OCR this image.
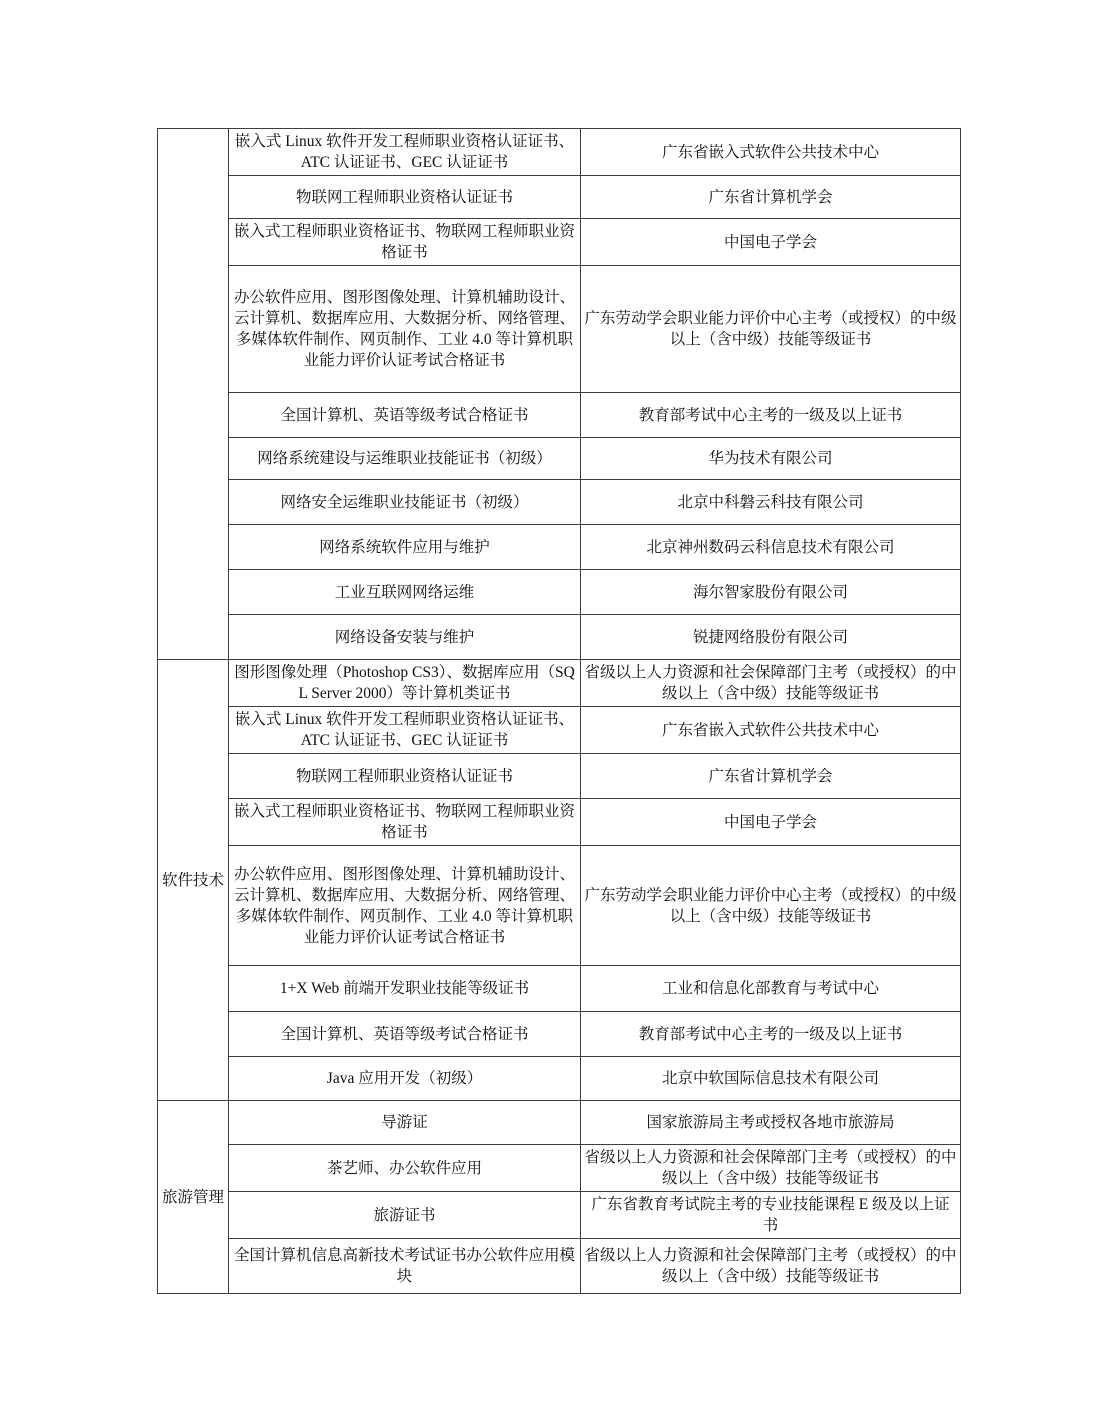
	嵌入式 Linux 软件开发工程师职业资格认证证书、ATC 认证证书、GEC 认证证书	广东省嵌入式软件公共技术中心
	物联网工程师职业资格认证证书	广东省计算机学会
	嵌入式工程师职业资格证书、物联网工程师职业资格证书	中国电子学会
	办公软件应用、图形图像处理、计算机辅助设计、云计算机、数据库应用、大数据分析、网络管理、多媒体软件制作、网页制作、工业 4.0 等计算机职业能力评价认证考试合格证书	广东劳动学会职业能力评价中心主考（或授权）的中级以上（含中级）技能等级证书
	全国计算机、英语等级考试合格证书	教育部考试中心主考的一级及以上证书
	网络系统建设与运维职业技能证书（初级）	华为技术有限公司
	网络安全运维职业技能证书（初级）	北京中科磐云科技有限公司
	网络系统软件应用与维护	北京神州数码云科信息技术有限公司
	工业互联网网络运维	海尔智家股份有限公司
	网络设备安装与维护	锐捷网络股份有限公司
软件技术	图形图像处理（Photoshop CS3）、数据库应用（SQL Server 2000）等计算机类证书	省级以上人力资源和社会保障部门主考（或授权）的中级以上（含中级）技能等级证书
	嵌入式 Linux 软件开发工程师职业资格认证证书、ATC 认证证书、GEC 认证证书	广东省嵌入式软件公共技术中心
	物联网工程师职业资格认证证书	广东省计算机学会
	嵌入式工程师职业资格证书、物联网工程师职业资格证书	中国电子学会
	办公软件应用、图形图像处理、计算机辅助设计、云计算机、数据库应用、大数据分析、网络管理、多媒体软件制作、网页制作、工业 4.0 等计算机职业能力评价认证考试合格证书	广东劳动学会职业能力评价中心主考（或授权）的中级以上（含中级）技能等级证书
	1+X Web 前端开发职业技能等级证书	工业和信息化部教育与考试中心
	全国计算机、英语等级考试合格证书	教育部考试中心主考的一级及以上证书
	Java 应用开发（初级）	北京中软国际信息技术有限公司
旅游管理	导游证	国家旅游局主考或授权各地市旅游局
	茶艺师、办公软件应用	省级以上人力资源和社会保障部门主考（或授权）的中级以上（含中级）技能等级证书
	旅游证书	广东省教育考试院主考的专业技能课程 E 级及以上证书
	全国计算机信息高新技术考试证书办公软件应用模块	省级以上人力资源和社会保障部门主考（或授权）的中级以上（含中级）技能等级证书
